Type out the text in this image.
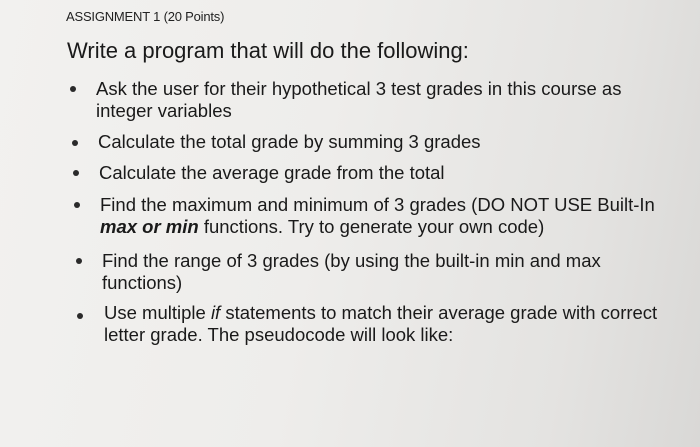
ASSIGNMENT 1 (20 Points)
Write a program that will do the following:
Ask the user for their hypothetical 3 test grades in this course as
integer variables
Calculate the total grade by summing 3 grades
Calculate the average grade from the total
Find the maximum and minimum of 3 grades (DO NOT USE Built-In
max or min functions. Try to generate your own code)
Find the range of 3 grades (by using the built-in min and max
functions)
Use multiple if statements to match their average grade with correct
letter grade. The pseudocode will look like:
